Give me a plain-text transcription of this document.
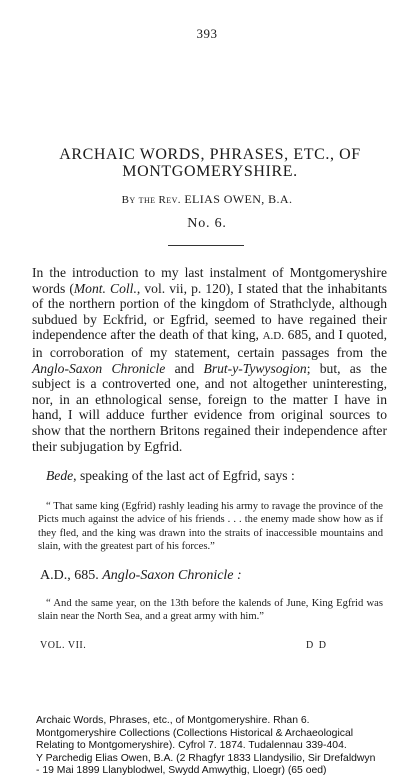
393
ARCHAIC WORDS, PHRASES, ETC., OF
MONTGOMERYSHIRE.
By the Rev. ELIAS OWEN, B.A.
No. 6.
In the introduction to my last instalment of Montgomeryshire words (Mont. Coll., vol. vii, p. 120), I stated that the inhabitants of the northern portion of the kingdom of Strathclyde, although subdued by Eckfrid, or Egfrid, seemed to have regained their independence after the death of that king, A.D. 685, and I quoted, in corroboration of my statement, certain passages from the Anglo-Saxon Chronicle and Brut-y-Tywysogion; but, as the subject is a controverted one, and not altogether uninteresting, nor, in an ethnological sense, foreign to the matter I have in hand, I will adduce further evidence from original sources to show that the northern Britons regained their independence after their subjugation by Egfrid.
Bede, speaking of the last act of Egfrid, says :
“ That same king (Egfrid) rashly leading his army to ravage the province of the Picts much against the advice of his friends . . . the enemy made show how as if they fled, and the king was drawn into the straits of inaccessible mountains and slain, with the greatest part of his forces.”
A.D., 685. Anglo-Saxon Chronicle :
“ And the same year, on the 13th before the kalends of June, King Egfrid was slain near the North Sea, and a great army with him.”
VOL. VII.	D D
Archaic Words, Phrases, etc., of Montgomeryshire. Rhan 6.
Montgomeryshire Collections (Collections Historical & Archaeological
Relating to Montgomeryshire). Cyfrol 7. 1874. Tudalennau 339-404.
Y Parchedig Elias Owen, B.A. (2 Rhagfyr 1833 Llandysilio, Sir Drefaldwyn
- 19 Mai 1899 Llanyblodwel, Swydd Amwythig, Lloegr) (65 oed)
